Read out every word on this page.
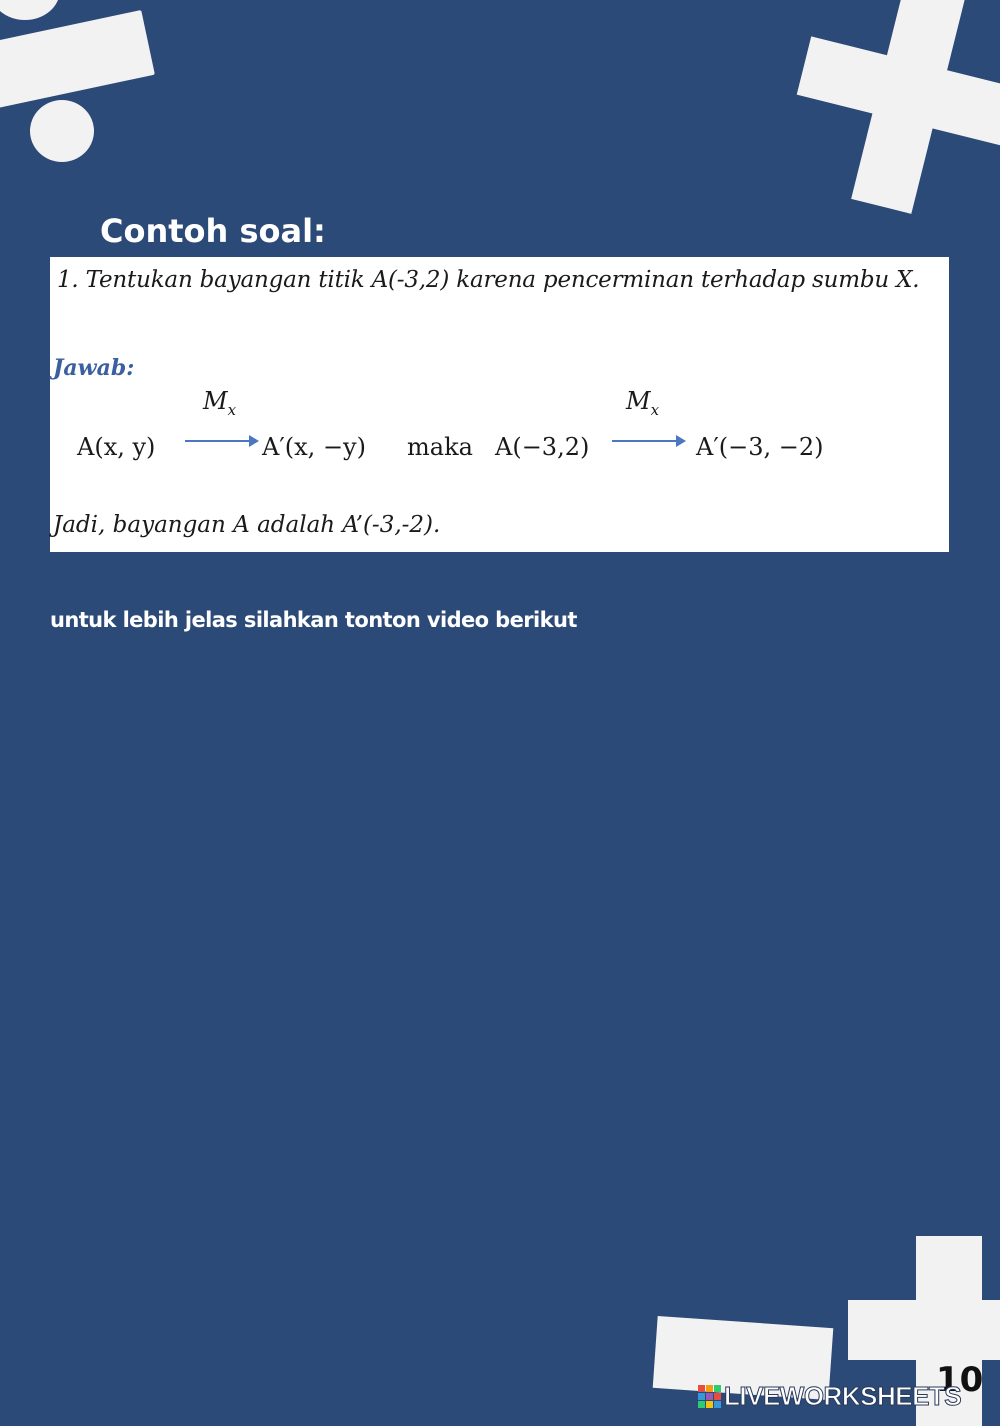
Contoh soal:
1. Tentukan bayangan titik A(-3,2) karena pencerminan terhadap sumbu X.
Jawab:
$M_x$
A(x, y)	A′(x, −y) maka
$M_x$
A(−3,2)	A′(−3, −2)
Jadi, bayangan A adalah A’(-3,-2).
untuk lebih jelas silahkan tonton video berikut
10
LIVEWORKSHEETS
